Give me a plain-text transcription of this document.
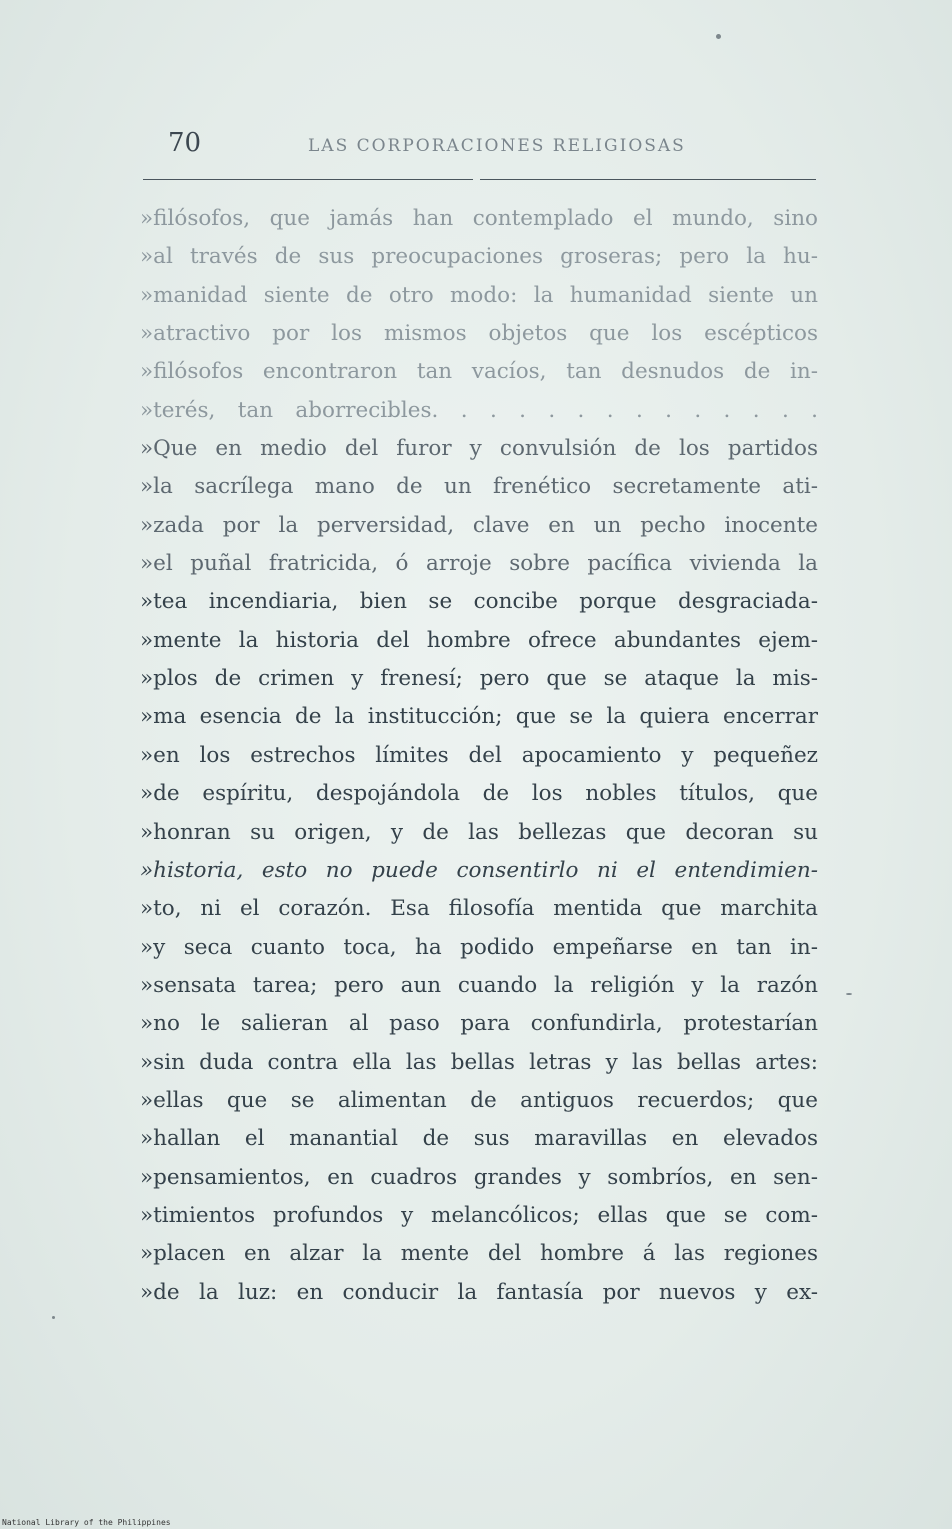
70	LAS CORPORACIONES RELIGIOSAS
»filósofos, que jamás han contemplado el mundo, sino
»al través de sus preocupaciones groseras; pero la hu-
»manidad siente de otro modo: la humanidad siente un
»atractivo por los mismos objetos que los escépticos
»filósofos encontraron tan vacíos, tan desnudos de in-
»terés, tan aborrecibles. . . . . . . . . . . . . .
»Que en medio del furor y convulsión de los partidos
»la sacrílega mano de un frenético secretamente ati-
»zada por la perversidad, clave en un pecho inocente
»el puñal fratricida, ó arroje sobre pacífica vivienda la
»tea incendiaria, bien se concibe porque desgraciada-
»mente la historia del hombre ofrece abundantes ejem-
»plos de crimen y frenesí; pero que se ataque la mis-
»ma esencia de la institucción; que se la quiera encerrar
»en los estrechos límites del apocamiento y pequeñez
»de espíritu, despojándola de los nobles títulos, que
»honran su origen, y de las bellezas que decoran su
»historia, esto no puede consentirlo ni el entendimien-
»to, ni el corazón. Esa filosofía mentida que marchita
»y seca cuanto toca, ha podido empeñarse en tan in-
»sensata tarea; pero aun cuando la religión y la razón
»no le salieran al paso para confundirla, protestarían
»sin duda contra ella las bellas letras y las bellas artes:
»ellas que se alimentan de antiguos recuerdos; que
»hallan el manantial de sus maravillas en elevados
»pensamientos, en cuadros grandes y sombríos, en sen-
»timientos profundos y melancólicos; ellas que se com-
»placen en alzar la mente del hombre á las regiones
»de la luz: en conducir la fantasía por nuevos y ex-
National Library of the Philippines
